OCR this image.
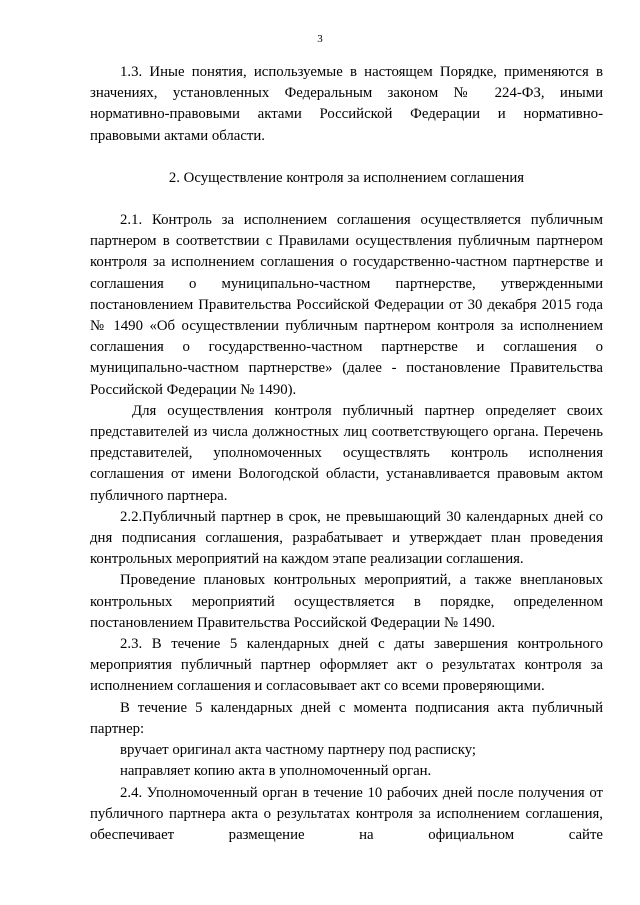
3

1.3. Иные понятия, используемые в настоящем Порядке, применяются в значениях, установленных Федеральным законом № 224-ФЗ, иными нормативно-правовыми актами Российской Федерации и нормативно-правовыми актами области.

2. Осуществление контроля за исполнением соглашения

2.1. Контроль за исполнением соглашения осуществляется публичным партнером в соответствии с Правилами осуществления публичным партнером контроля за исполнением соглашения о государственно-частном партнерстве и соглашения о муниципально-частном партнерстве, утвержденными постановлением Правительства Российской Федерации от 30 декабря 2015 года № 1490 «Об осуществлении публичным партнером контроля за исполнением соглашения о государственно-частном партнерстве и соглашения о муниципально-частном партнерстве» (далее - постановление Правительства Российской Федерации № 1490).

Для осуществления контроля публичный партнер определяет своих представителей из числа должностных лиц соответствующего органа. Перечень представителей, уполномоченных осуществлять контроль исполнения соглашения от имени Вологодской области, устанавливается правовым актом публичного партнера.

2.2.Публичный партнер в срок, не превышающий 30 календарных дней со дня подписания соглашения, разрабатывает и утверждает план проведения контрольных мероприятий на каждом этапе реализации соглашения.

Проведение плановых контрольных мероприятий, а также внеплановых контрольных мероприятий осуществляется в порядке, определенном постановлением Правительства Российской Федерации № 1490.

2.3. В течение 5 календарных дней с даты завершения контрольного мероприятия публичный партнер оформляет акт о результатах контроля за исполнением соглашения и согласовывает акт со всеми проверяющими.

В течение 5 календарных дней с момента подписания акта публичный партнер:

вручает оригинал акта частному партнеру под расписку;

направляет копию акта в уполномоченный орган.

2.4. Уполномоченный орган в течение 10 рабочих дней после получения от публичного партнера акта о результатах контроля за исполнением соглашения, обеспечивает размещение на официальном сайте
